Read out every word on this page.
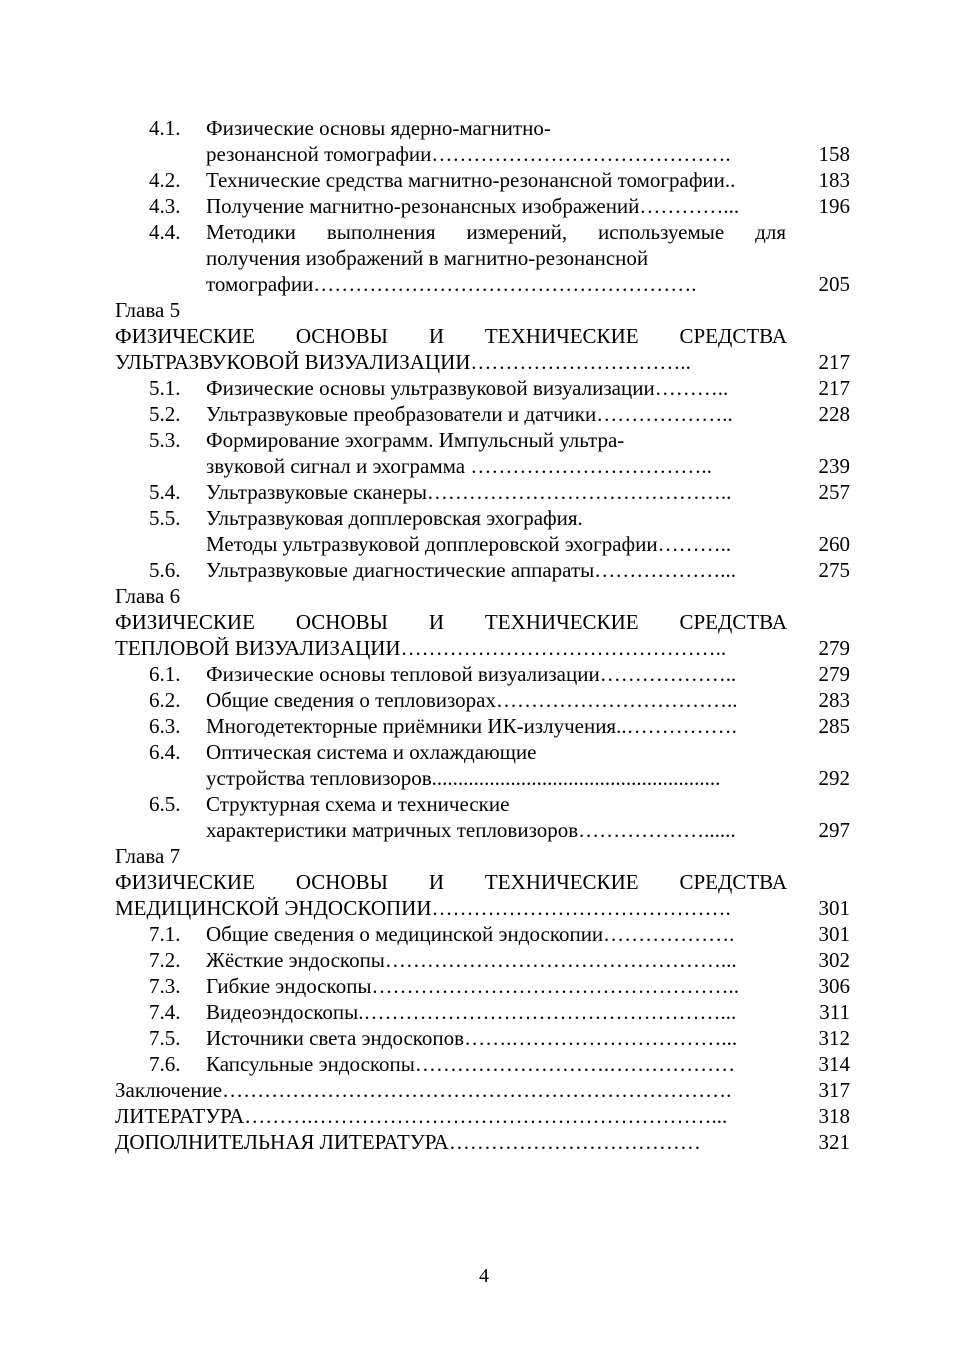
4.1. Физические основы ядерно-магнитно-
резонансной томографии…………………………………….	158
4.2. Технические средства магнитно-резонансной томографии..	183
4.3. Получение магнитно-резонансных изображений…………...	196
4.4. Методики выполнения измерений, используемые для
получения изображений в магнитно-резонансной
томографии……………………………………………….	205
Глава 5
ФИЗИЧЕСКИЕ ОСНОВЫ И ТЕХНИЧЕСКИЕ СРЕДСТВА
УЛЬТРАЗВУКОВОЙ ВИЗУАЛИЗАЦИИ…………………………..	217
5.1. Физические основы ультразвуковой визуализации………..	217
5.2. Ультразвуковые преобразователи и датчики………………..	228
5.3. Формирование эхограмм. Импульсный ультра-
звуковой сигнал и эхограмма ……………………………..	239
5.4. Ультразвуковые сканеры……………………………………..	257
5.5. Ультразвуковая допплеровская эхография.
Методы ультразвуковой допплеровской эхографии………..	260
5.6. Ультразвуковые диагностические аппараты………………...	275
Глава 6
ФИЗИЧЕСКИЕ ОСНОВЫ И ТЕХНИЧЕСКИЕ СРЕДСТВА
ТЕПЛОВОЙ ВИЗУАЛИЗАЦИИ………………………………………..	279
6.1. Физические основы тепловой визуализации………………..	279
6.2. Общие сведения о тепловизорах……………………………..	283
6.3. Многодетекторные приёмники ИК-излучения..…………….	285
6.4. Оптическая система и охлаждающие
устройства тепловизоров.......................................................	292
6.5. Структурная схема и технические
характеристики матричных тепловизоров………………......	297
Глава 7
ФИЗИЧЕСКИЕ ОСНОВЫ И ТЕХНИЧЕСКИЕ СРЕДСТВА
МЕДИЦИНСКОЙ ЭНДОСКОПИИ…………………………………….	301
7.1. Общие сведения о медицинской эндоскопии……………….	301
7.2. Жёсткие эндоскопы…………………………………………...	302
7.3. Гибкие эндоскопы……………………………………………..	306
7.4. Видеоэндоскопы.……………………………………………...	311
7.5. Источники света эндоскопов…….…………………………...	312
7.6. Капсульные эндоскопы……………………….………………	314
Заключение……………………………………………………………….	317
ЛИТЕРАТУРА……….…………………………………………………...	318
ДОПОЛНИТЕЛЬНАЯ ЛИТЕРАТУРА………………………………	321
4
